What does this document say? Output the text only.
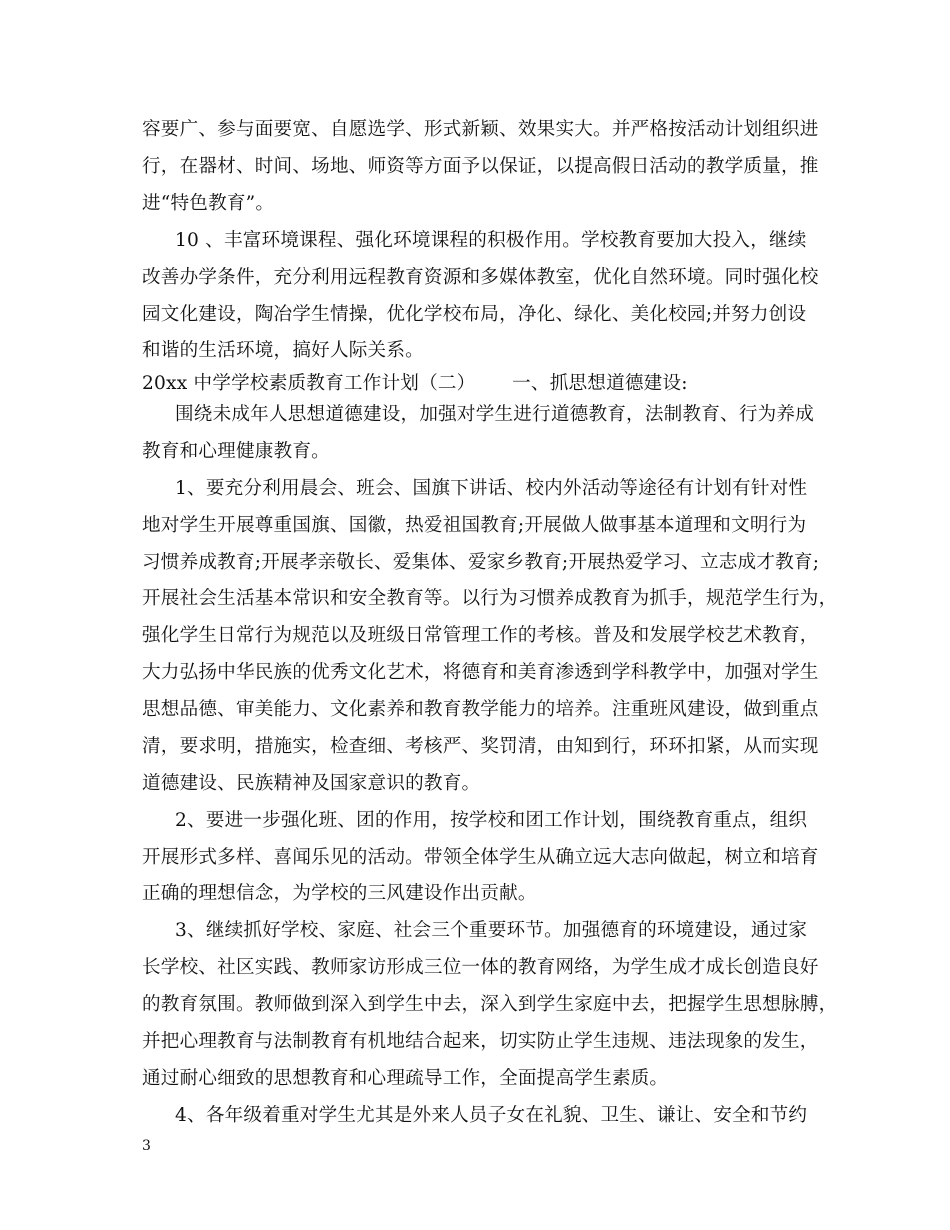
容要广、参与面要宽、自愿选学、形式新颖、效果实大。并严格按活动计划组织进
行，在器材、时间、场地、师资等方面予以保证，以提高假日活动的教学质量，推
进“特色教育”。
10 、丰富环境课程、强化环境课程的积极作用。学校教育要加大投入，继续
改善办学条件，充分利用远程教育资源和多媒体教室，优化自然环境。同时强化校
园文化建设，陶冶学生情操，优化学校布局，净化、绿化、美化校园;并努力创设
和谐的生活环境，搞好人际关系。
20xx 中学学校素质教育工作计划（二）      一、抓思想道德建设:
围绕未成年人思想道德建设，加强对学生进行道德教育，法制教育、行为养成
教育和心理健康教育。
1、要充分利用晨会、班会、国旗下讲话、校内外活动等途径有计划有针对性
地对学生开展尊重国旗、国徽，热爱祖国教育;开展做人做事基本道理和文明行为
习惯养成教育;开展孝亲敬长、爱集体、爱家乡教育;开展热爱学习、立志成才教育;
开展社会生活基本常识和安全教育等。以行为习惯养成教育为抓手，规范学生行为，
强化学生日常行为规范以及班级日常管理工作的考核。普及和发展学校艺术教育，
大力弘扬中华民族的优秀文化艺术，将德育和美育渗透到学科教学中，加强对学生
思想品德、审美能力、文化素养和教育教学能力的培养。注重班风建设，做到重点
清，要求明，措施实，检查细、考核严、奖罚清，由知到行，环环扣紧，从而实现
道德建设、民族精神及国家意识的教育。
2、要进一步强化班、团的作用，按学校和团工作计划，围绕教育重点，组织
开展形式多样、喜闻乐见的活动。带领全体学生从确立远大志向做起，树立和培育
正确的理想信念，为学校的三风建设作出贡献。
3、继续抓好学校、家庭、社会三个重要环节。加强德育的环境建设，通过家
长学校、社区实践、教师家访形成三位一体的教育网络，为学生成才成长创造良好
的教育氛围。教师做到深入到学生中去，深入到学生家庭中去，把握学生思想脉膊，
并把心理教育与法制教育有机地结合起来，切实防止学生违规、违法现象的发生，
通过耐心细致的思想教育和心理疏导工作，全面提高学生素质。
4、各年级着重对学生尤其是外来人员子女在礼貌、卫生、谦让、安全和节约
3
